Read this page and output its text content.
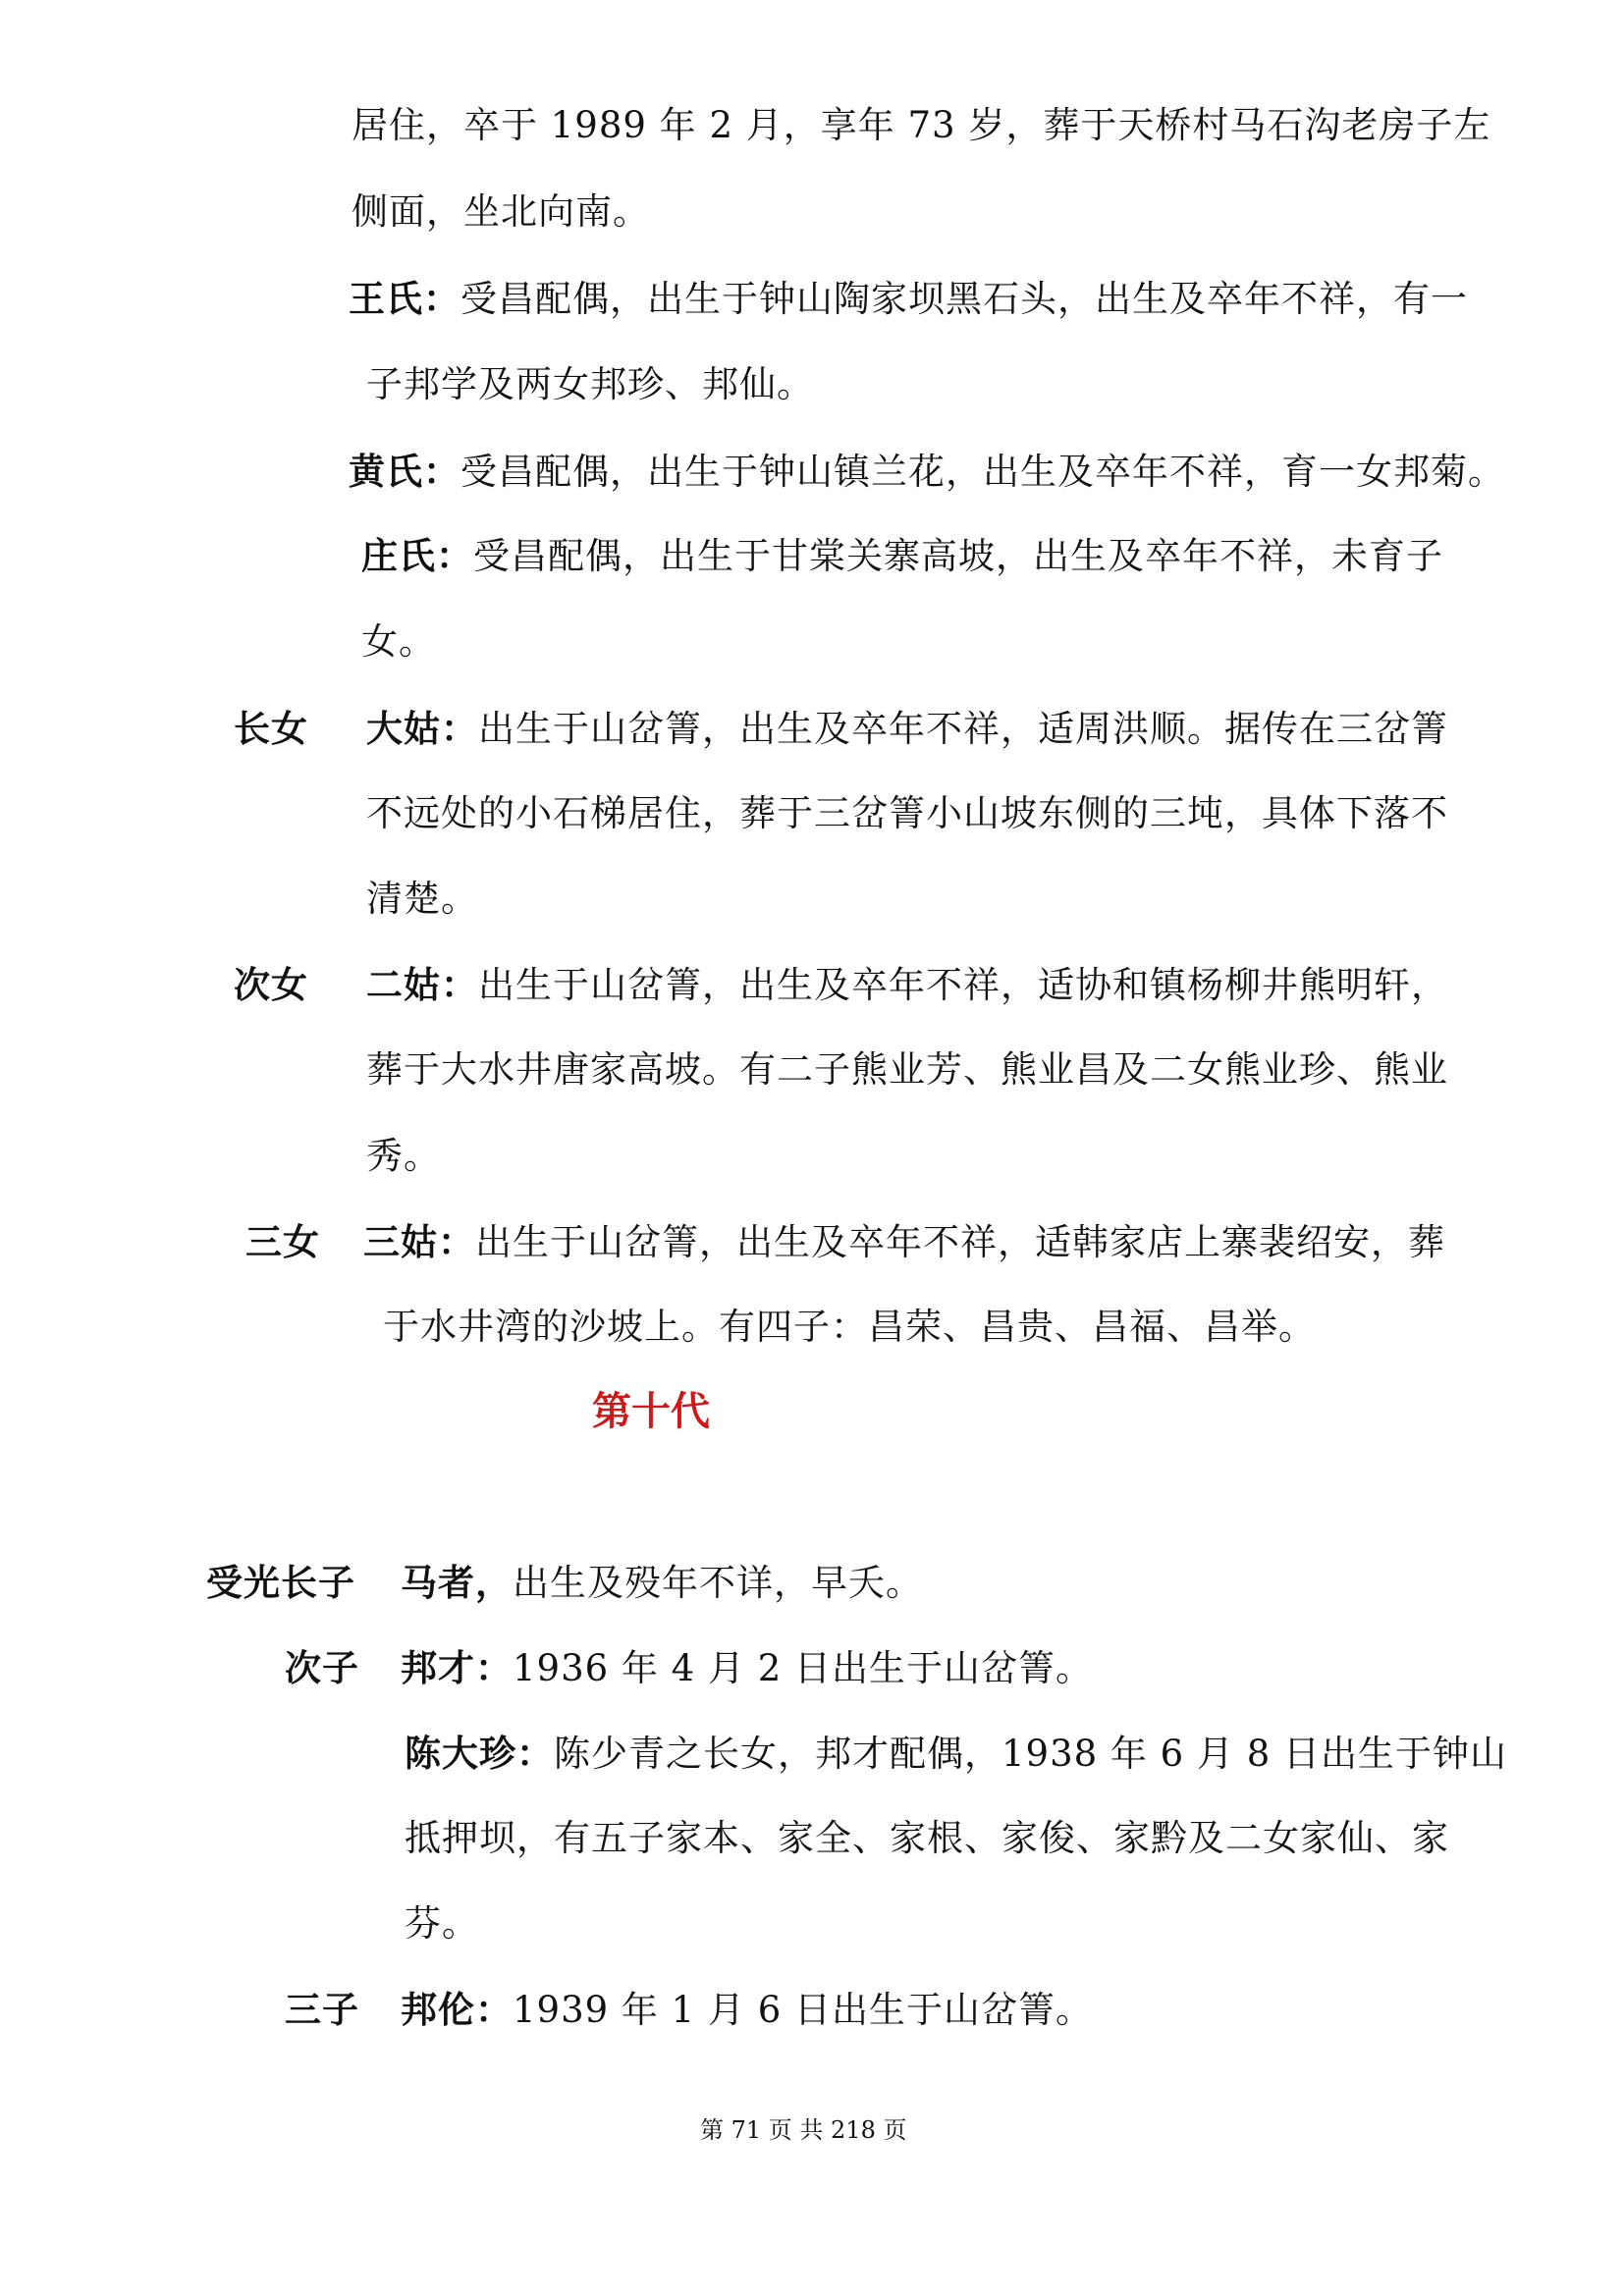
居住，卒于 1989 年 2 月，享年 73 岁，葬于天桥村马石沟老房子左
侧面，坐北向南。
王氏：受昌配偶，出生于钟山陶家坝黑石头，出生及卒年不祥，有一
子邦学及两女邦珍、邦仙。
黄氏：受昌配偶，出生于钟山镇兰花，出生及卒年不祥，育一女邦菊。
庄氏：受昌配偶，出生于甘棠关寨高坡，出生及卒年不祥，未育子
女。
长女 大姑：出生于山岔箐，出生及卒年不祥，适周洪顺。据传在三岔箐
不远处的小石梯居住，葬于三岔箐小山坡东侧的三坉，具体下落不
清楚。
次女 二姑：出生于山岔箐，出生及卒年不祥，适协和镇杨柳井熊明轩，
葬于大水井唐家高坡。有二子熊业芳、熊业昌及二女熊业珍、熊业
秀。
三女 三姑：出生于山岔箐，出生及卒年不祥，适韩家店上寨裴绍安，葬
于水井湾的沙坡上。有四子：昌荣、昌贵、昌福、昌举。
第十代
受光长子 马者，出生及殁年不详，早夭。
次子 邦才：1936 年 4 月 2 日出生于山岔箐。
陈大珍：陈少青之长女，邦才配偶，1938 年 6 月 8 日出生于钟山
抵押坝，有五子家本、家全、家根、家俊、家黔及二女家仙、家
芬。
三子 邦伦：1939 年 1 月 6 日出生于山岔箐。
第 71 页 共 218 页
